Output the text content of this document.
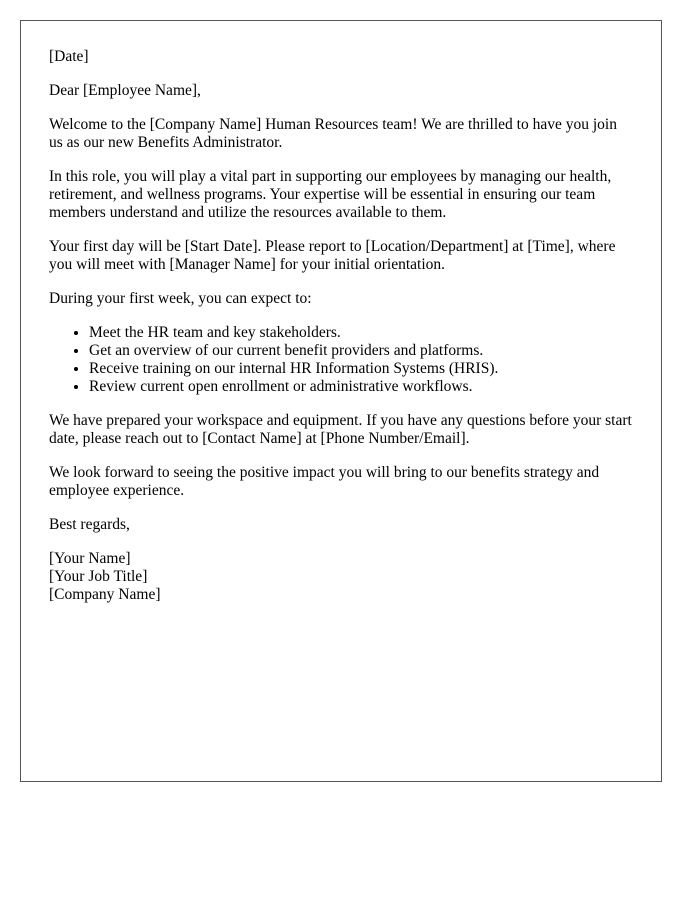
[Date]

Dear [Employee Name],

Welcome to the [Company Name] Human Resources team! We are thrilled to have you join us as our new Benefits Administrator.

In this role, you will play a vital part in supporting our employees by managing our health, retirement, and wellness programs. Your expertise will be essential in ensuring our team members understand and utilize the resources available to them.

Your first day will be [Start Date]. Please report to [Location/Department] at [Time], where you will meet with [Manager Name] for your initial orientation.

During your first week, you can expect to:

• Meet the HR team and key stakeholders.
• Get an overview of our current benefit providers and platforms.
• Receive training on our internal HR Information Systems (HRIS).
• Review current open enrollment or administrative workflows.

We have prepared your workspace and equipment. If you have any questions before your start date, please reach out to [Contact Name] at [Phone Number/Email].

We look forward to seeing the positive impact you will bring to our benefits strategy and employee experience.

Best regards,

[Your Name]
[Your Job Title]
[Company Name]
